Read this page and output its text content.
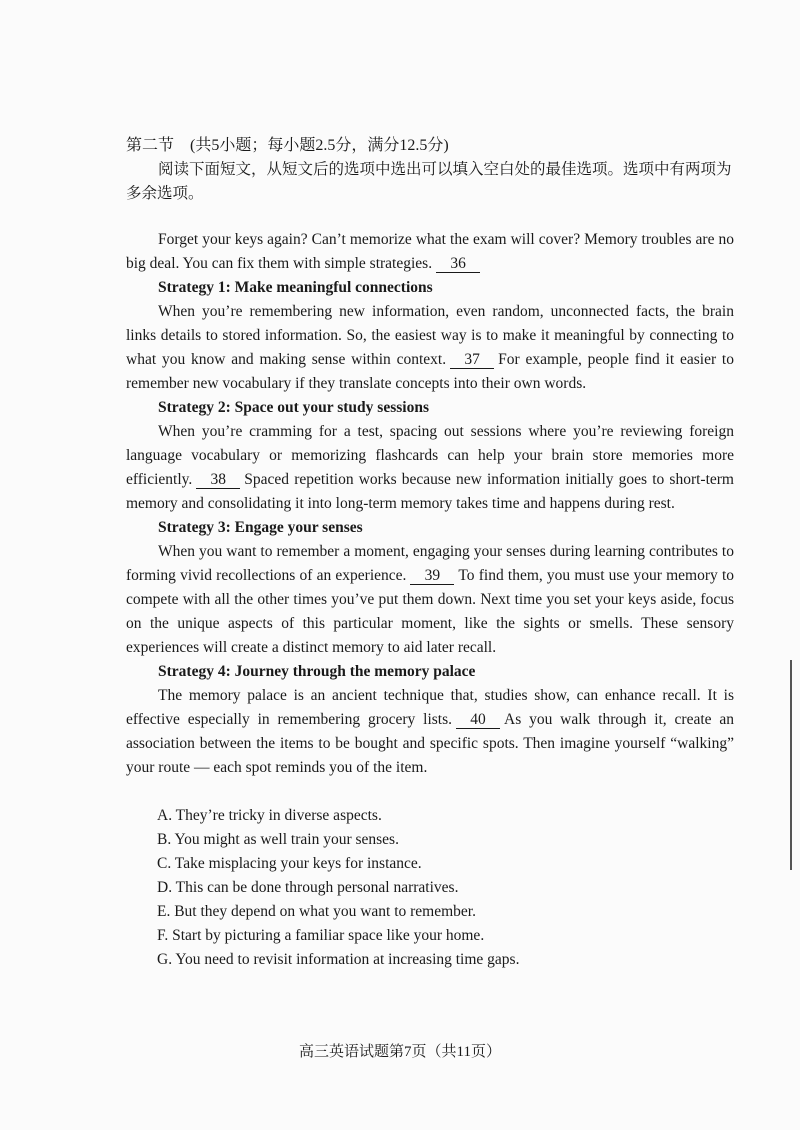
第二节　(共5小题；每小题2.5分，满分12.5分)
阅读下面短文，从短文后的选项中选出可以填入空白处的最佳选项。选项中有两项为多余选项。

Forget your keys again? Can’t memorize what the exam will cover? Memory troubles are no big deal. You can fix them with simple strategies. 36

Strategy 1: Make meaningful connections

When you’re remembering new information, even random, unconnected facts, the brain links details to stored information. So, the easiest way is to make it meaningful by connecting to what you know and making sense within context. 37 For example, people find it easier to remember new vocabulary if they translate concepts into their own words.

Strategy 2: Space out your study sessions

When you’re cramming for a test, spacing out sessions where you’re reviewing foreign language vocabulary or memorizing flashcards can help your brain store memories more efficiently. 38 Spaced repetition works because new information initially goes to short-term memory and consolidating it into long-term memory takes time and happens during rest.

Strategy 3: Engage your senses

When you want to remember a moment, engaging your senses during learning contributes to forming vivid recollections of an experience. 39 To find them, you must use your memory to compete with all the other times you’ve put them down. Next time you set your keys aside, focus on the unique aspects of this particular moment, like the sights or smells. These sensory experiences will create a distinct memory to aid later recall.

Strategy 4: Journey through the memory palace

The memory palace is an ancient technique that, studies show, can enhance recall. It is effective especially in remembering grocery lists. 40 As you walk through it, create an association between the items to be bought and specific spots. Then imagine yourself “walking” your route — each spot reminds you of the item.

A. They’re tricky in diverse aspects.
B. You might as well train your senses.
C. Take misplacing your keys for instance.
D. This can be done through personal narratives.
E. But they depend on what you want to remember.
F. Start by picturing a familiar space like your home.
G. You need to revisit information at increasing time gaps.
高三英语试题第7页（共11页）
